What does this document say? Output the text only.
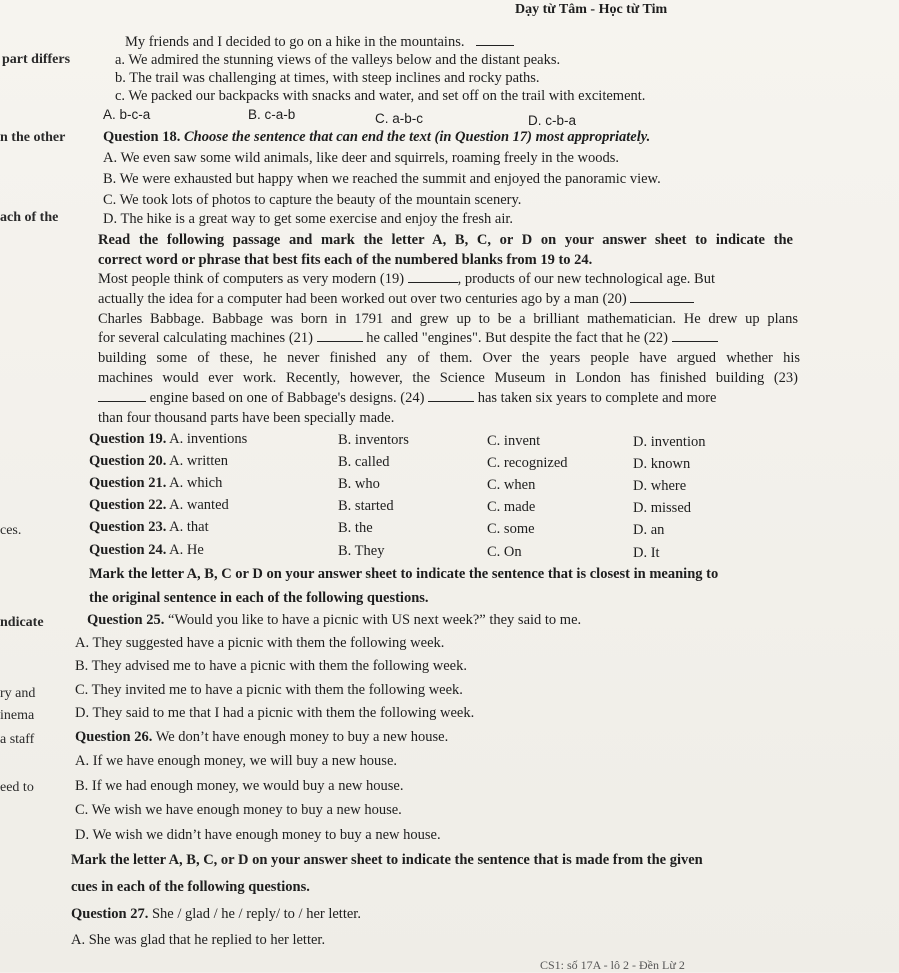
Dạy từ Tâm - Học từ Tim
part differs
n the other
ach of the
ces.
ndicate
ry and
inema
a staff
eed to
My friends and I decided to go on a hike in the mountains.
a. We admired the stunning views of the valleys below and the distant peaks.
b. The trail was challenging at times, with steep inclines and rocky paths.
c. We packed our backpacks with snacks and water, and set off on the trail with excitement.
A. b-c-a	B. c-a-b	C. a-b-c	D. c-b-a
Question 18. Choose the sentence that can end the text (in Question 17) most appropriately.
A. We even saw some wild animals, like deer and squirrels, roaming freely in the woods.
B. We were exhausted but happy when we reached the summit and enjoyed the panoramic view.
C. We took lots of photos to capture the beauty of the mountain scenery.
D. The hike is a great way to get some exercise and enjoy the fresh air.
Read the following passage and mark the letter A, B, C, or D on your answer sheet to indicate the
correct word or phrase that best fits each of the numbered blanks from 19 to 24.
Most people think of computers as very modern (19)	, products of our new technological age. But
actually the idea for a computer had been worked out over two centuries ago by a man (20)
Charles Babbage. Babbage was born in 1791 and grew up to be a brilliant mathematician. He drew up plans
for several calculating machines (21)	he called "engines". But despite the fact that he (22)
building some of these, he never finished any of them. Over the years people have argued whether his
machines would ever work. Recently, however, the Science Museum in London has finished building (23)
engine based on one of Babbage's designs. (24)	has taken six years to complete and more
than four thousand parts have been specially made.
Question 19. A. inventions	B. inventors	C. invent	D. invention
Question 20. A. written	B. called	C. recognized	D. known
Question 21. A. which	B. who	C. when	D. where
Question 22. A. wanted	B. started	C. made	D. missed
Question 23. A. that	B. the	C. some	D. an
Question 24. A. He	B. They	C. On	D. It
Mark the letter A, B, C or D on your answer sheet to indicate the sentence that is closest in meaning to
the original sentence in each of the following questions.
Question 25. “Would you like to have a picnic with US next week?” they said to me.
A. They suggested have a picnic with them the following week.
B. They advised me to have a picnic with them the following week.
C. They invited me to have a picnic with them the following week.
D. They said to me that I had a picnic with them the following week.
Question 26. We don’t have enough money to buy a new house.
A. If we have enough money, we will buy a new house.
B. If we had enough money, we would buy a new house.
C. We wish we have enough money to buy a new house.
D. We wish we didn’t have enough money to buy a new house.
Mark the letter A, B, C, or D on your answer sheet to indicate the sentence that is made from the given
cues in each of the following questions.
Question 27. She / glad / he / reply/ to / her letter.
A. She was glad that he replied to her letter.
CS1: số 17A - lô 2 - Đền Lừ 2
